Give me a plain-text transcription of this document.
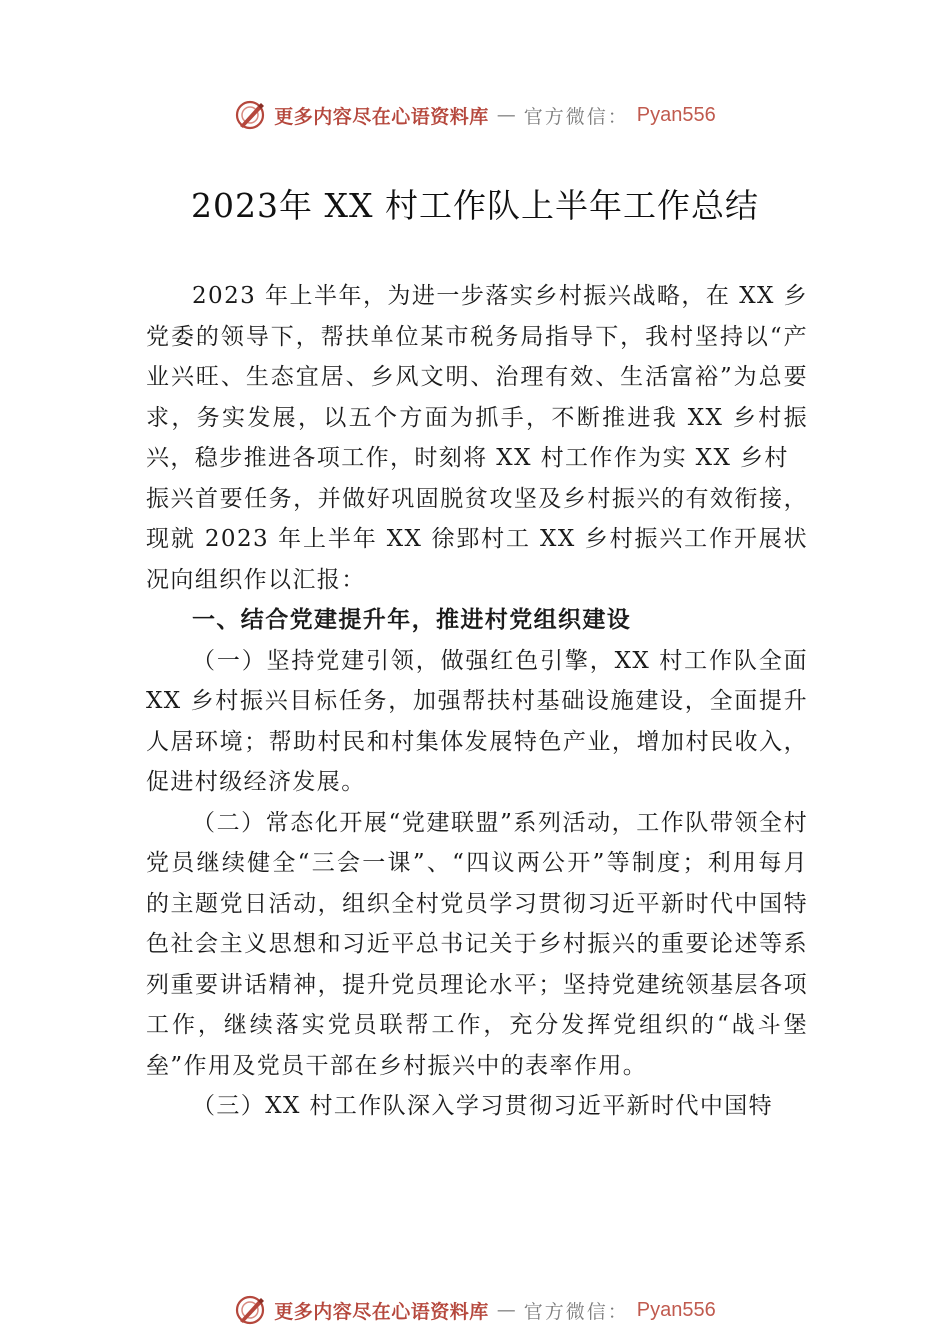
更多内容尽在心语资料库 — 官方微信： Pyan556
2023年 XX 村工作队上半年工作总结

2023 年上半年，为进一步落实乡村振兴战略，在 XX 乡党委的领导下，帮扶单位某市税务局指导下，我村坚持以“产业兴旺、生态宜居、乡风文明、治理有效、生活富裕”为总要求，务实发展，以五个方面为抓手，不断推进我 XX 乡村振兴，稳步推进各项工作，时刻将 XX 村工作作为实 XX 乡村

振兴首要任务，并做好巩固脱贫攻坚及乡村振兴的有效衔接，现就 2023 年上半年 XX 徐郢村工 XX 乡村振兴工作开展状况向组织作以汇报：

一、结合党建提升年，推进村党组织建设

（一）坚持党建引领，做强红色引擎，XX 村工作队全面 XX 乡村振兴目标任务，加强帮扶村基础设施建设，全面提升人居环境；帮助村民和村集体发展特色产业，增加村民收入，促进村级经济发展。

（二）常态化开展“党建联盟”系列活动，工作队带领全村党员继续健全“三会一课”、“四议两公开”等制度；利用每月的主题党日活动，组织全村党员学习贯彻习近平新时代中国特色社会主义思想和习近平总书记关于乡村振兴的重要论述等系列重要讲话精神，提升党员理论水平；坚持党建统领基层各项工作，继续落实党员联帮工作，充分发挥党组织的“战斗堡垒”作用及党员干部在乡村振兴中的表率作用。

（三）XX 村工作队深入学习贯彻习近平新时代中国特

更多内容尽在心语资料库 — 官方微信： Pyan556
